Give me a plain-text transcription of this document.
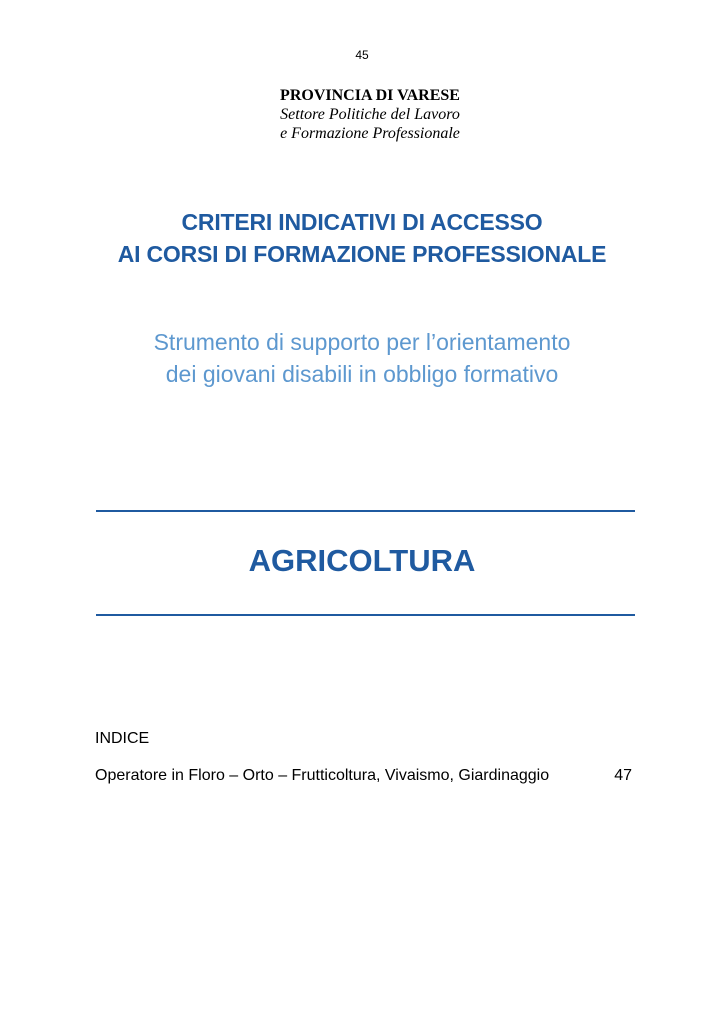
45
PROVINCIA DI VARESE
Settore Politiche del Lavoro
e Formazione Professionale
CRITERI INDICATIVI DI ACCESSO
AI CORSI DI FORMAZIONE PROFESSIONALE
Strumento di supporto per l’orientamento
dei giovani disabili in obbligo formativo
AGRICOLTURA
INDICE
Operatore in Floro – Orto – Frutticoltura, Vivaismo, Giardinaggio	47
